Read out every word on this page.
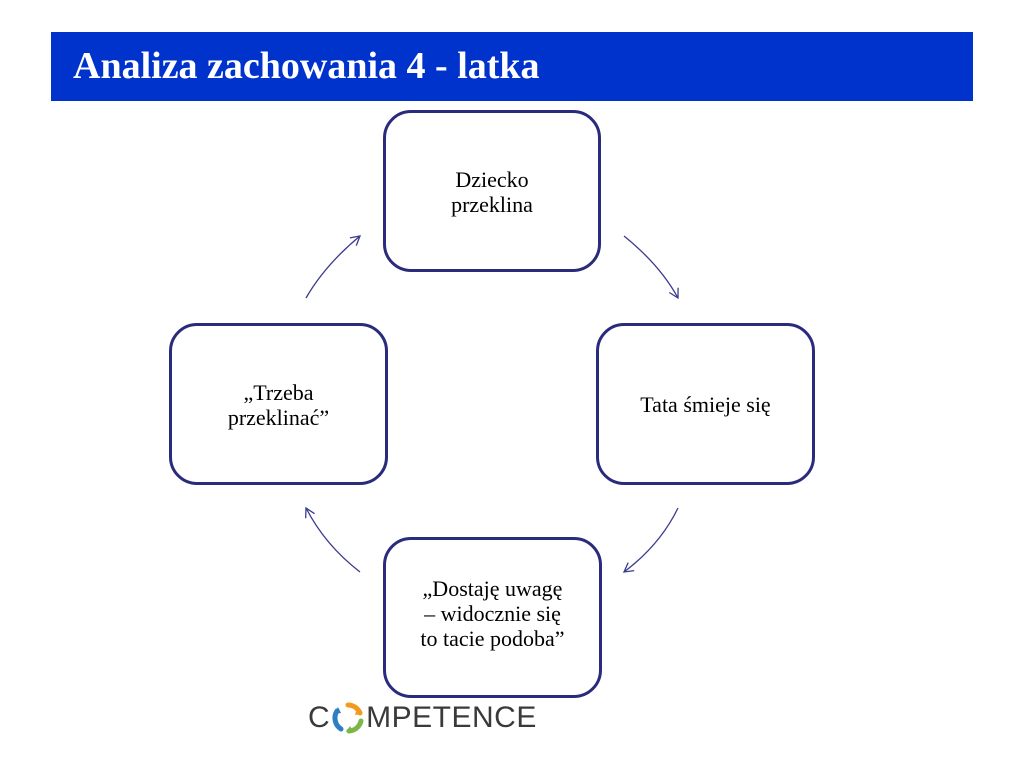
Analiza zachowania 4 - latka
Dziecko
przeklina
Tata śmieje się
„Dostaję uwagę
– widocznie się
to tacie podoba”
„Trzeba
przeklinać”
C MPETENCE
